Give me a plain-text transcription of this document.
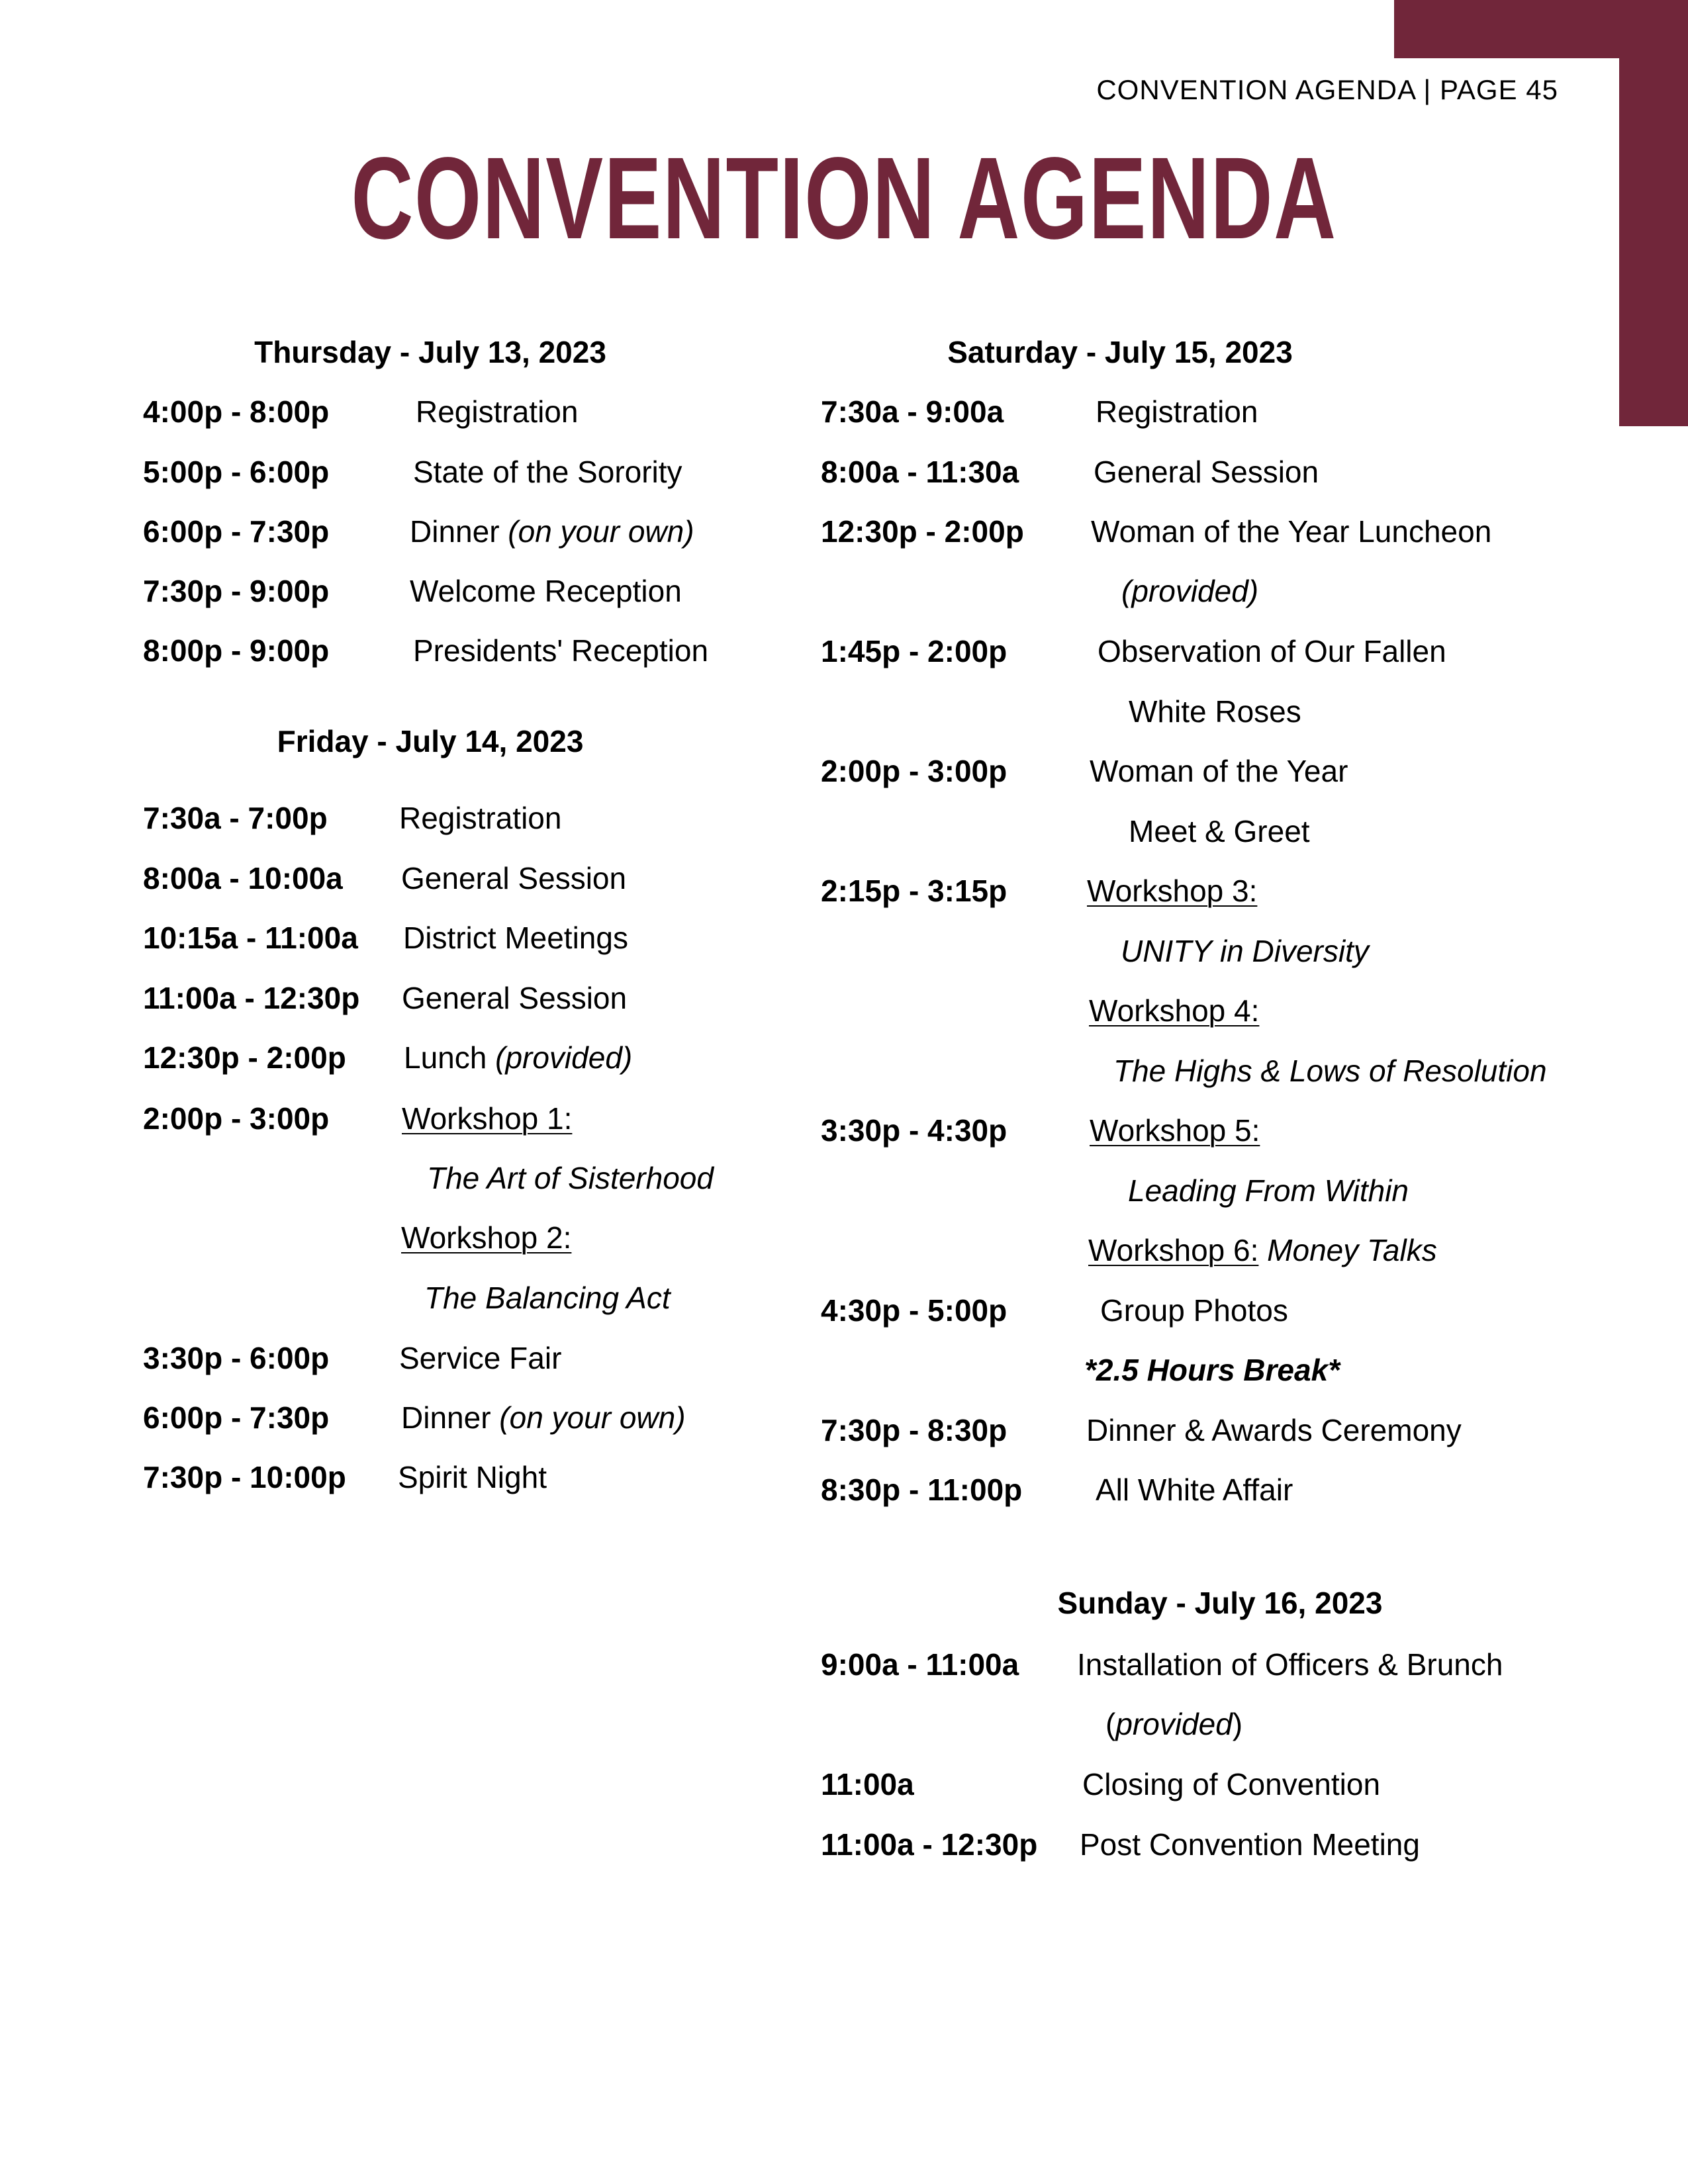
CONVENTION AGENDA | PAGE 45
CONVENTION AGENDA
Thursday - July 13, 2023
4:00p - 8:00p	Registration
5:00p - 6:00p	State of the Sorority
6:00p - 7:30p	Dinner (on your own)
7:30p - 9:00p	Welcome Reception
8:00p - 9:00p	Presidents' Reception
Friday - July 14, 2023
7:30a - 7:00p Registration
8:00a - 10:00a General Session
10:15a - 11:00a District Meetings
11:00a - 12:30p General Session
12:30p - 2:00p Lunch (provided)
2:00p - 3:00p Workshop 1:
The Art of Sisterhood
Workshop 2:
The Balancing Act
3:30p - 6:00p Service Fair
6:00p - 7:30p Dinner (on your own)
7:30p - 10:00p Spirit Night
Saturday - July 15, 2023
7:30a - 9:00a	Registration
8:00a - 11:30a General Session
12:30p - 2:00p Woman of the Year Luncheon
(provided)
1:45p - 2:00p	Observation of Our Fallen
White Roses
2:00p - 3:00p	Woman of the Year
Meet & Greet
2:15p - 3:15p	Workshop 3:
UNITY in Diversity
Workshop 4:
The Highs & Lows of Resolution
3:30p - 4:30p	Workshop 5:
Leading From Within
Workshop 6: Money Talks
4:30p - 5:00p	Group Photos
*2.5 Hours Break*
7:30p - 8:30p	Dinner & Awards Ceremony
8:30p - 11:00p All White Affair
Sunday - July 16, 2023
9:00a - 11:00a Installation of Officers & Brunch
(provided)
11:00a	Closing of Convention
11:00a - 12:30p Post Convention Meeting
